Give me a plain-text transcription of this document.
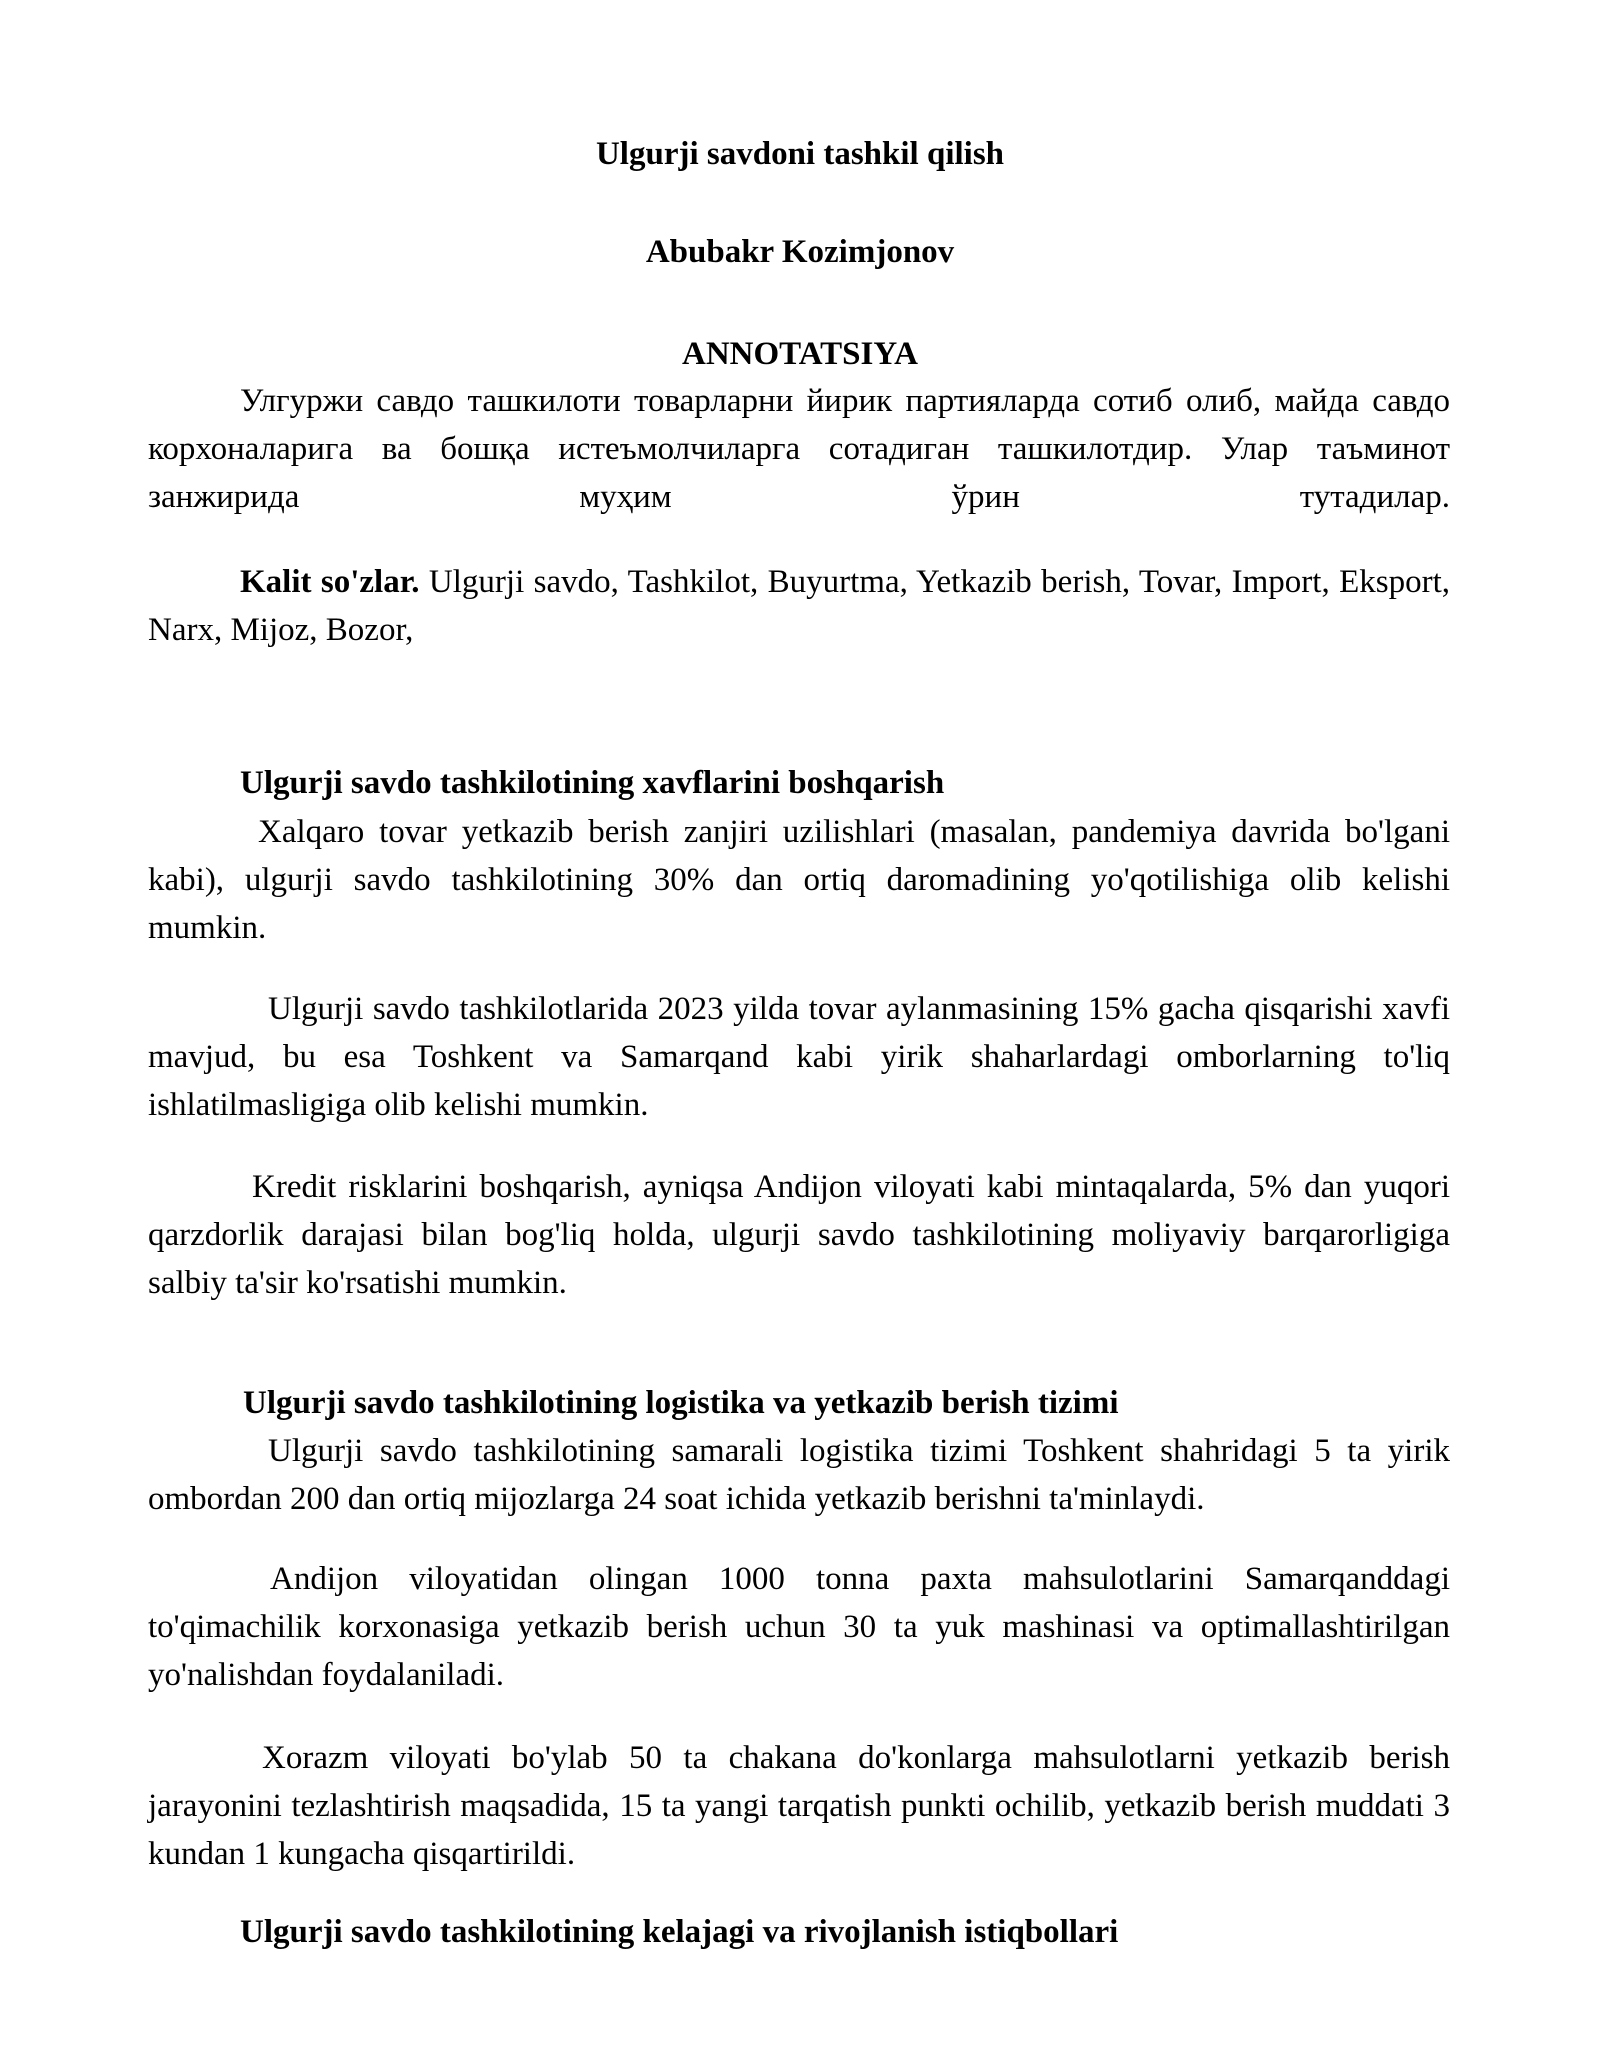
Ulgurji savdoni tashkil qilish
Abubakr Kozimjonov
ANNOTATSIYA
Улгуржи савдо ташкилоти товарларни йирик партияларда сотиб олиб, майда савдо корхоналарига ва бошқа истеъмолчиларга сотадиган ташкилотдир. Улар таъминот занжирида муҳим ўрин тутадилар.
Kalit so'zlar. Ulgurji savdo, Tashkilot, Buyurtma, Yetkazib berish, Tovar, Import, Eksport, Narx, Mijoz, Bozor,
Ulgurji savdo tashkilotining xavflarini boshqarish
Xalqaro tovar yetkazib berish zanjiri uzilishlari (masalan, pandemiya davrida bo'lgani kabi), ulgurji savdo tashkilotining 30% dan ortiq daromadining yo'qotilishiga olib kelishi mumkin.
Ulgurji savdo tashkilotlarida 2023 yilda tovar aylanmasining 15% gacha qisqarishi xavfi mavjud, bu esa Toshkent va Samarqand kabi yirik shaharlardagi omborlarning to'liq ishlatilmasligiga olib kelishi mumkin.
Kredit risklarini boshqarish, ayniqsa Andijon viloyati kabi mintaqalarda, 5% dan yuqori qarzdorlik darajasi bilan bog'liq holda, ulgurji savdo tashkilotining moliyaviy barqarorligiga salbiy ta'sir ko'rsatishi mumkin.
Ulgurji savdo tashkilotining logistika va yetkazib berish tizimi
Ulgurji savdo tashkilotining samarali logistika tizimi Toshkent shahridagi 5 ta yirik ombordan 200 dan ortiq mijozlarga 24 soat ichida yetkazib berishni ta'minlaydi.
Andijon viloyatidan olingan 1000 tonna paxta mahsulotlarini Samarqanddagi to'qimachilik korxonasiga yetkazib berish uchun 30 ta yuk mashinasi va optimallashtirilgan yo'nalishdan foydalaniladi.
Xorazm viloyati bo'ylab 50 ta chakana do'konlarga mahsulotlarni yetkazib berish jarayonini tezlashtirish maqsadida, 15 ta yangi tarqatish punkti ochilib, yetkazib berish muddati 3 kundan 1 kungacha qisqartirildi.
Ulgurji savdo tashkilotining kelajagi va rivojlanish istiqbollari
